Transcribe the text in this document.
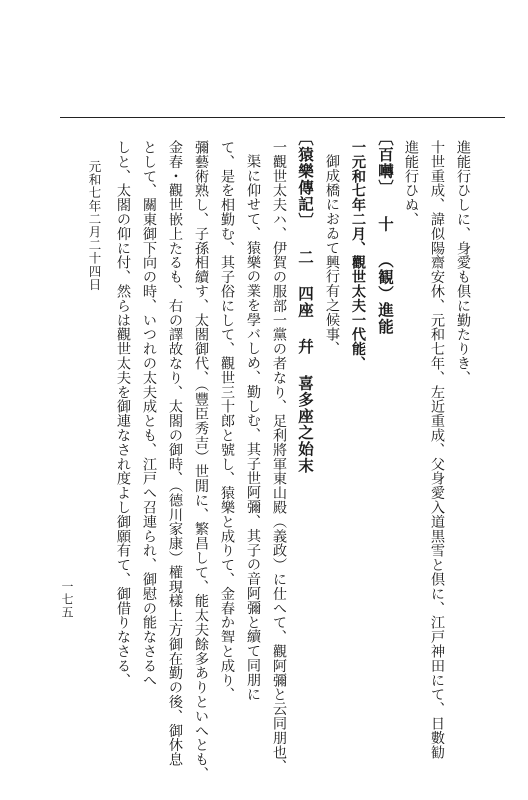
進能行ひしに、身愛も倶に勤たりき、
十世重成、諱似陽齋安休、元和七年、左近重成、父身愛入道黒雪と倶に、江戸神田にて、日數勧
進能行ひぬ、
〔百囀〕 十 （観）進能
一元和七年二月、觀世太夫一代能、
御成橋におゐて興行有之候事、
〔猿樂傳記〕 二 四座 幷 喜多座之始末
一觀世太夫ハ、伊賀の服部一黨の者なり、足利將軍東山殿（義政）に仕へて、觀阿彌と云同朋也、
渠に仰せて、猿樂の業を學バしめ、勤しむ、其子世阿彌、其子の音阿彌と續て同朋に
て、是を相勤む、其子俗にして、觀世三十郎と號し、猿樂と成りて、金春か聟と成り、
彌藝術熟し、子孫相續す、太閤御代、（豐臣秀吉）世閒に、繁昌して、能太夫餘多ありといへとも、
金春・觀世嵌上たるも、右の譯故なり、太閤の御時、（德川家康）權現樣上方御在勤の後、御休息
として、關東御下向の時、いつれの太夫成とも、江戸へ召連られ、御慰の能なさるへ
しと、太閤の仰に付、然らは觀世太夫を御連なされ度よし御願有て、御借りなさる、
元和七年二月二十四日
一七五
